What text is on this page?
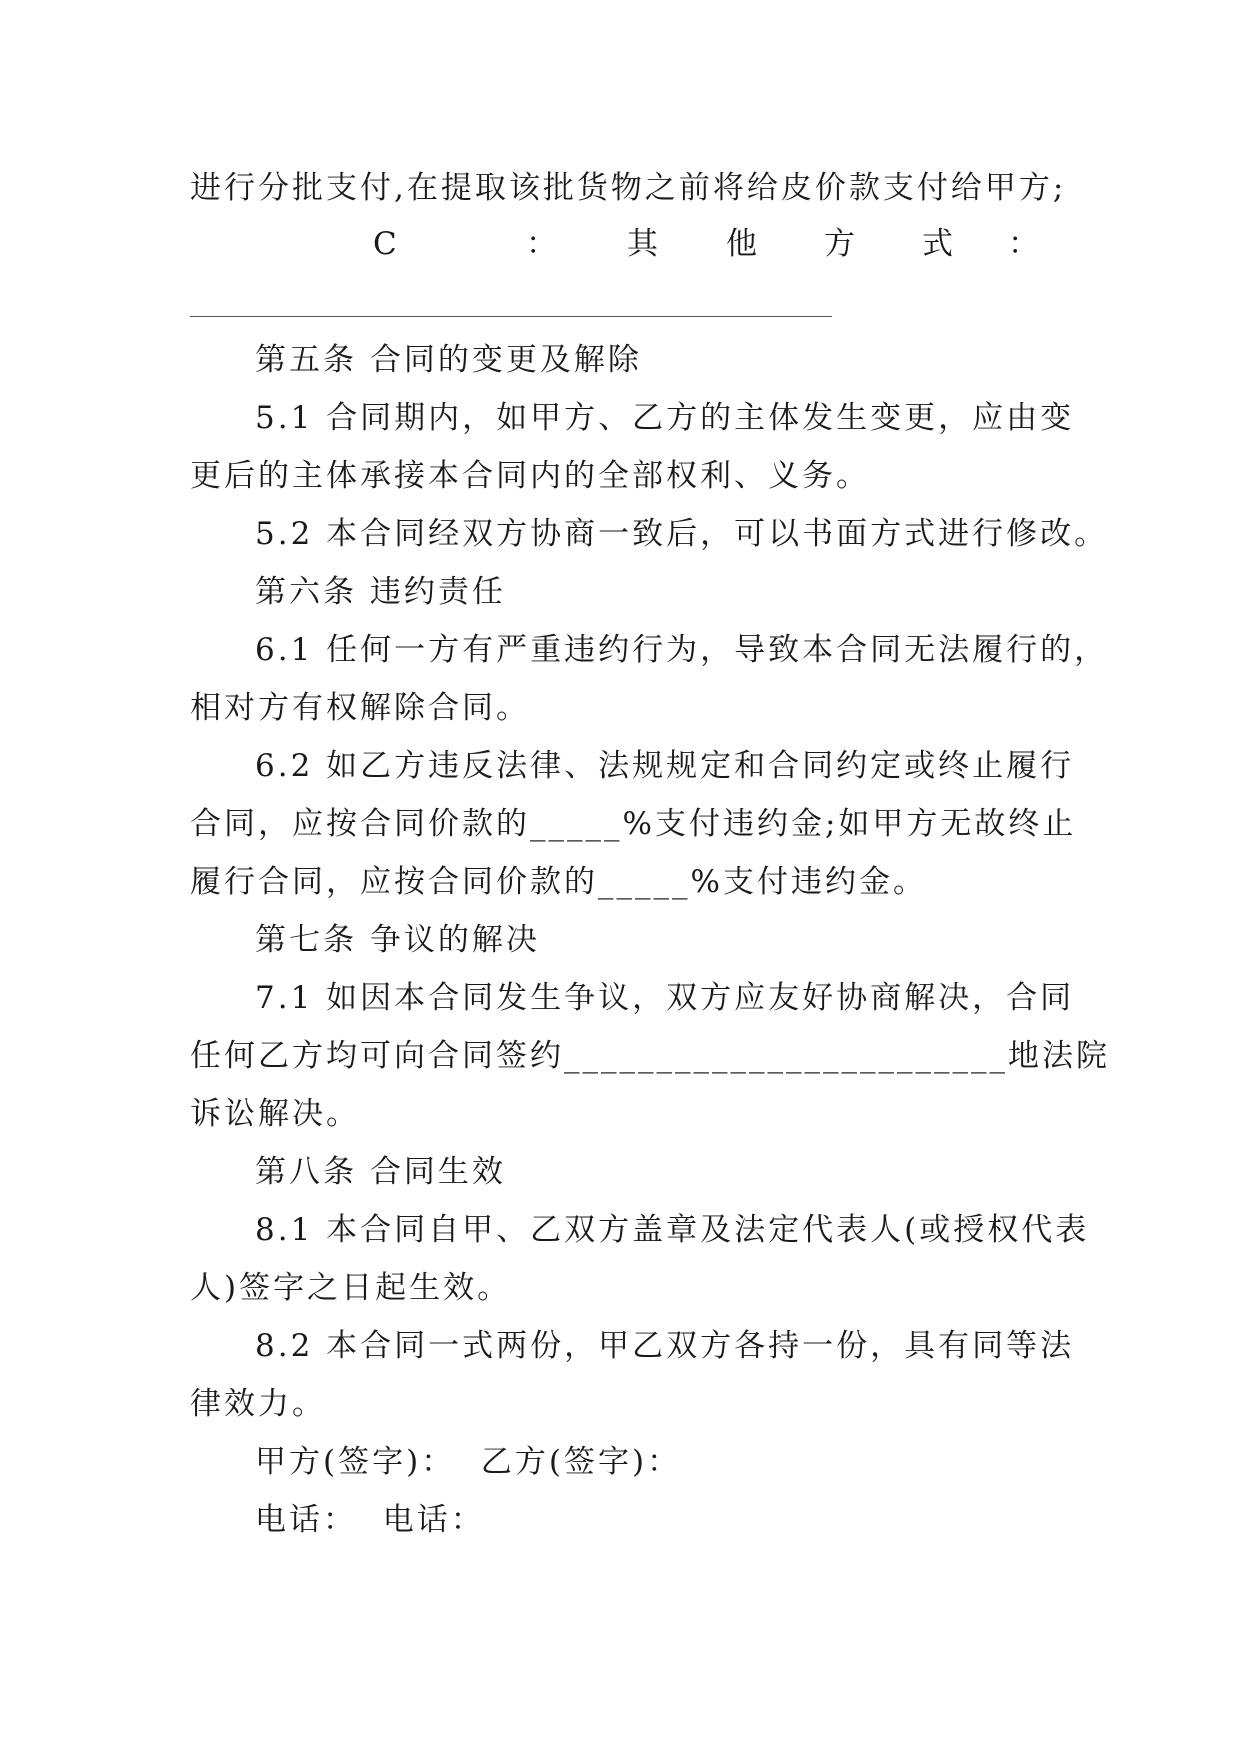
进行分批支付,在提取该批货物之前将给皮价款支付给甲方;
C	： 其 他 方 式 ：
第五条 合同的变更及解除
5.1 合同期内，如甲方、乙方的主体发生变更，应由变
更后的主体承接本合同内的全部权利、义务。
5.2 本合同经双方协商一致后，可以书面方式进行修改。
第六条 违约责任
6.1 任何一方有严重违约行为，导致本合同无法履行的，
相对方有权解除合同。
6.2 如乙方违反法律、法规规定和合同约定或终止履行
合同，应按合同价款的_____%支付违约金;如甲方无故终止
履行合同，应按合同价款的_____%支付违约金。
第七条 争议的解决
7.1 如因本合同发生争议，双方应友好协商解决，合同
任何乙方均可向合同签约________________________地法院
诉讼解决。
第八条 合同生效
8.1 本合同自甲、乙双方盖章及法定代表人(或授权代表
人)签字之日起生效。
8.2 本合同一式两份，甲乙双方各持一份，具有同等法
律效力。
甲方(签字)：  乙方(签字)：
电话：  电话：
